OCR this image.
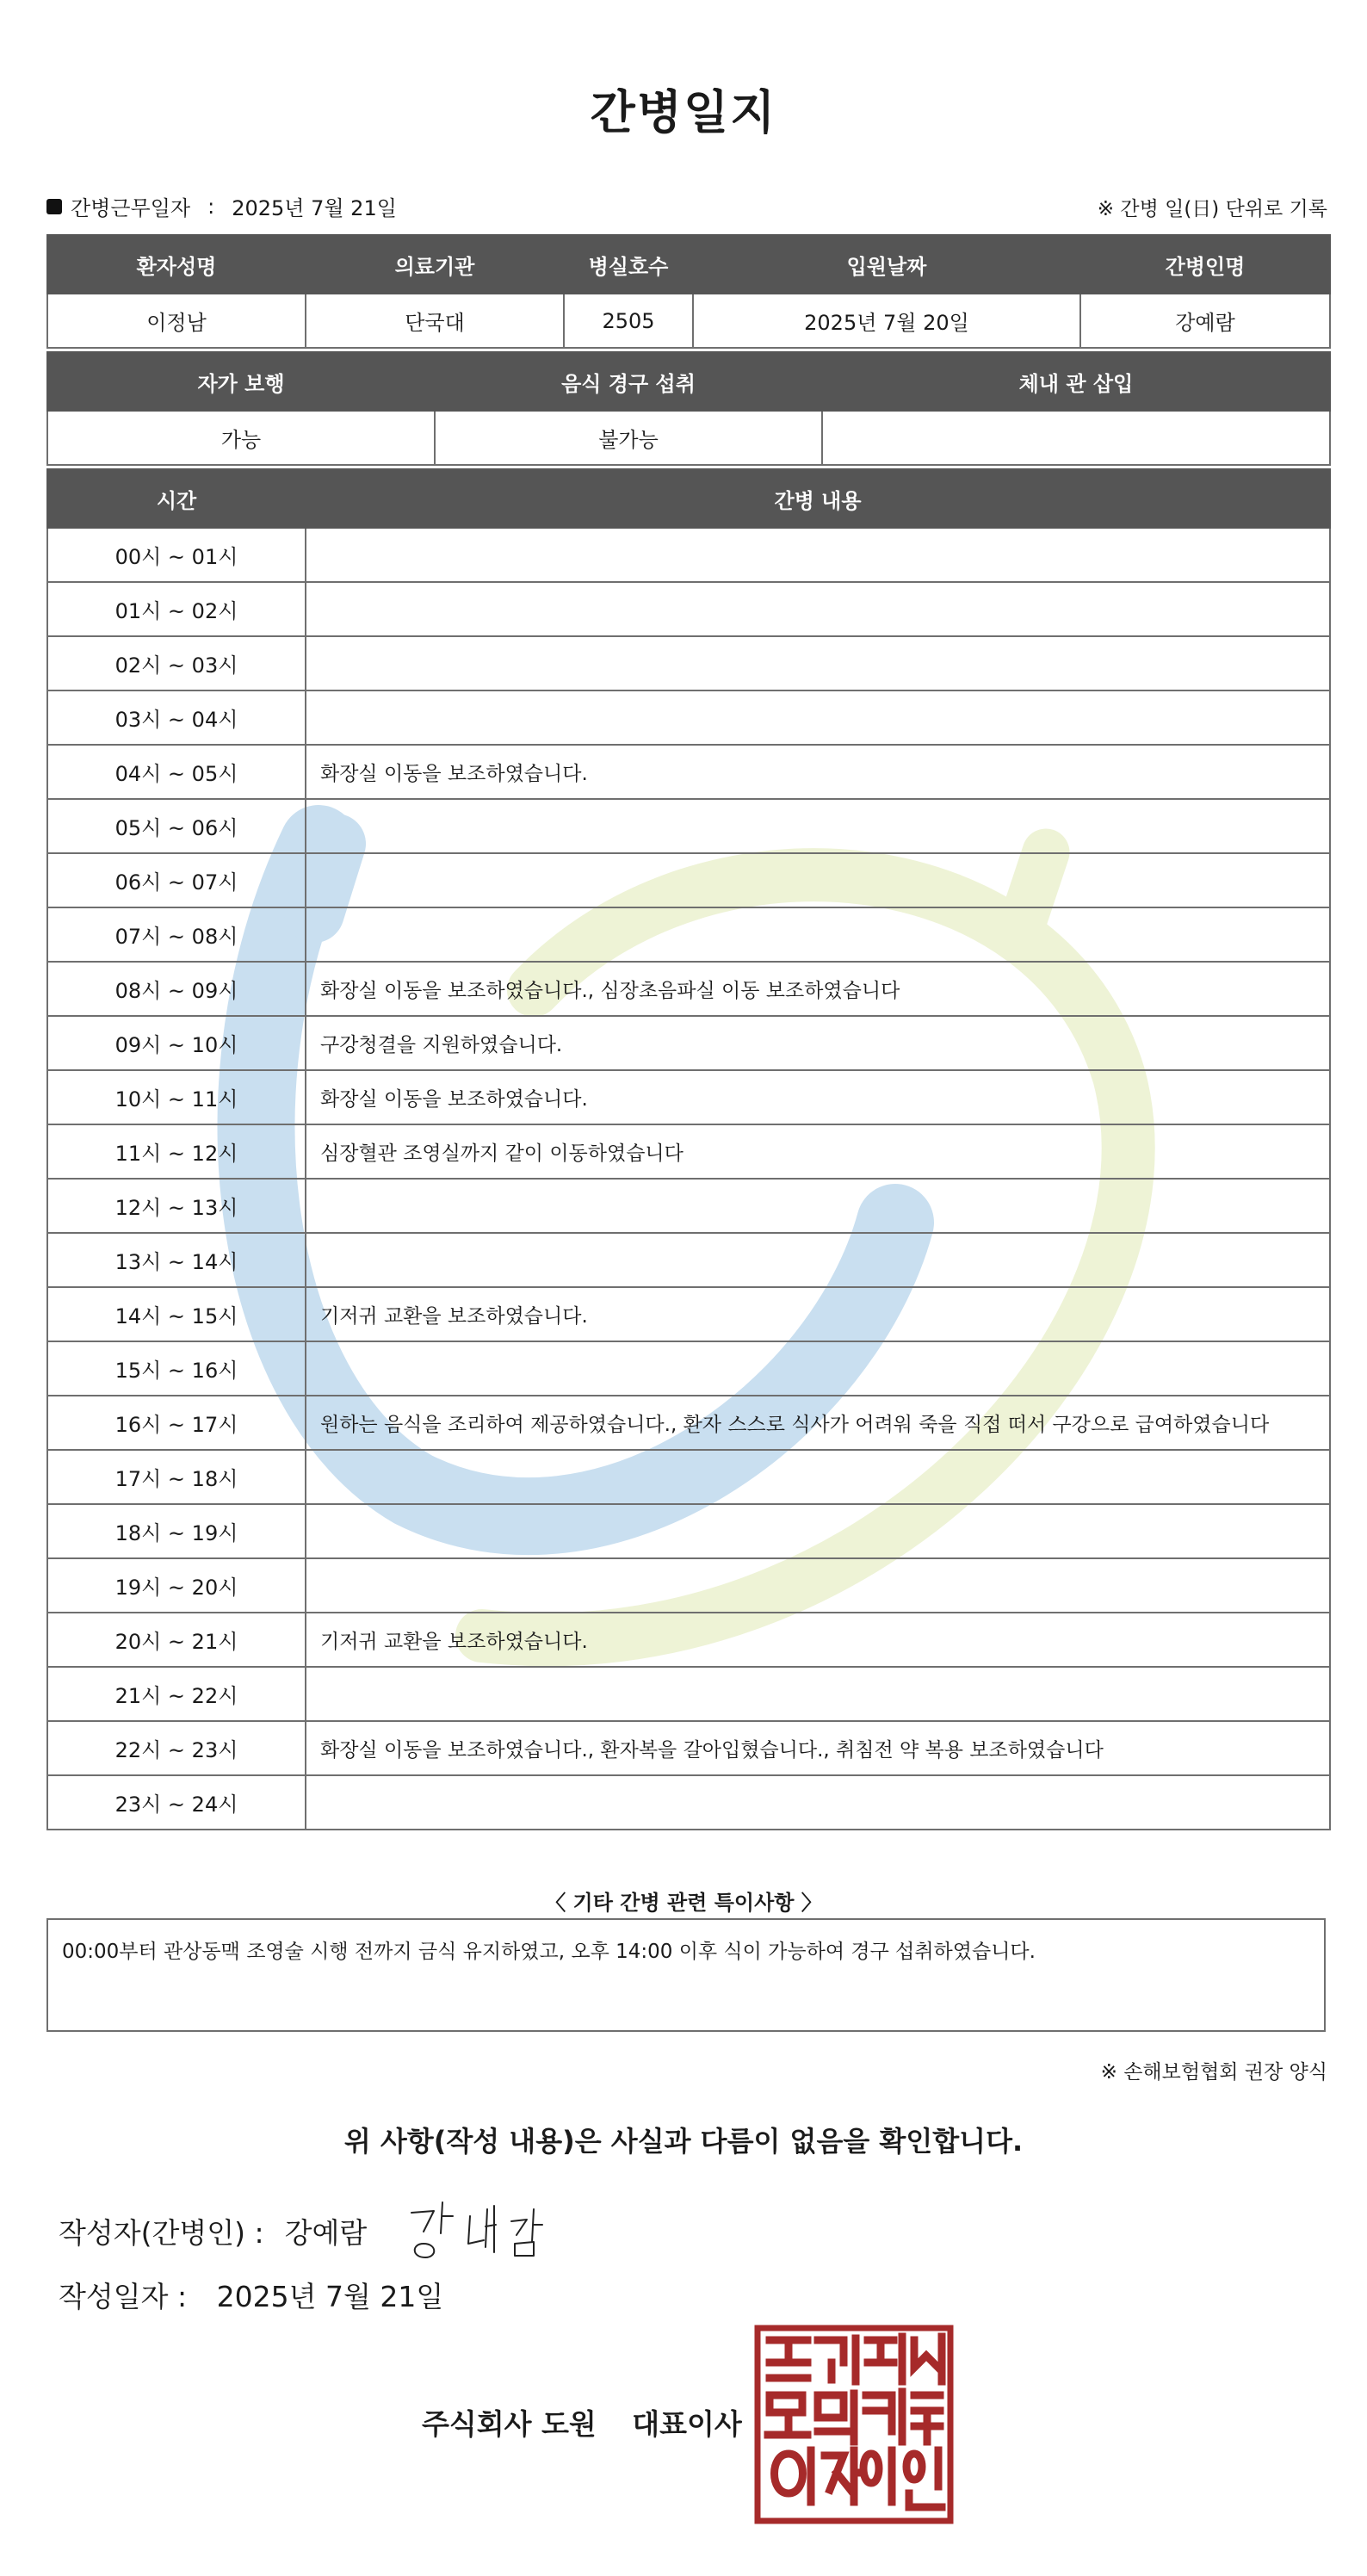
간병일지
간병근무일자 : 2025년 7월 21일	※ 간병 일(日) 단위로 기록
환자성명	의료기관	병실호수	입원날짜	간병인명
이정남	단국대	2505	2025년 7월 20일	강예람
자가 보행	음식 경구 섭취	체내 관 삽입
가능	불가능	
시간	간병 내용
00시 ~ 01시	
01시 ~ 02시	
02시 ~ 03시	
03시 ~ 04시	
04시 ~ 05시	화장실 이동을 보조하였습니다.
05시 ~ 06시	
06시 ~ 07시	
07시 ~ 08시	
08시 ~ 09시	화장실 이동을 보조하였습니다., 심장초음파실 이동 보조하였습니다
09시 ~ 10시	구강청결을 지원하였습니다.
10시 ~ 11시	화장실 이동을 보조하였습니다.
11시 ~ 12시	심장혈관 조영실까지 같이 이동하였습니다
12시 ~ 13시	
13시 ~ 14시	
14시 ~ 15시	기저귀 교환을 보조하였습니다.
15시 ~ 16시	
16시 ~ 17시	원하는 음식을 조리하여 제공하였습니다., 환자 스스로 식사가 어려워 죽을 직접 떠서 구강으로 급여하였습니다
17시 ~ 18시	
18시 ~ 19시	
19시 ~ 20시	
20시 ~ 21시	기저귀 교환을 보조하였습니다.
21시 ~ 22시	
22시 ~ 23시	화장실 이동을 보조하였습니다., 환자복을 갈아입혔습니다., 취침전 약 복용 보조하였습니다
23시 ~ 24시	
〈 기타 간병 관련 특이사항 〉
00:00부터 관상동맥 조영술 시행 전까지 금식 유지하였고, 오후 14:00 이후 식이 가능하여 경구 섭취하였습니다.
※ 손해보험협회 권장 양식
위 사항(작성 내용)은 사실과 다름이 없음을 확인합니다.
작성자(간병인) : 강예람
작성일자 : 2025년 7월 21일
주식회사 도원 대표이사
